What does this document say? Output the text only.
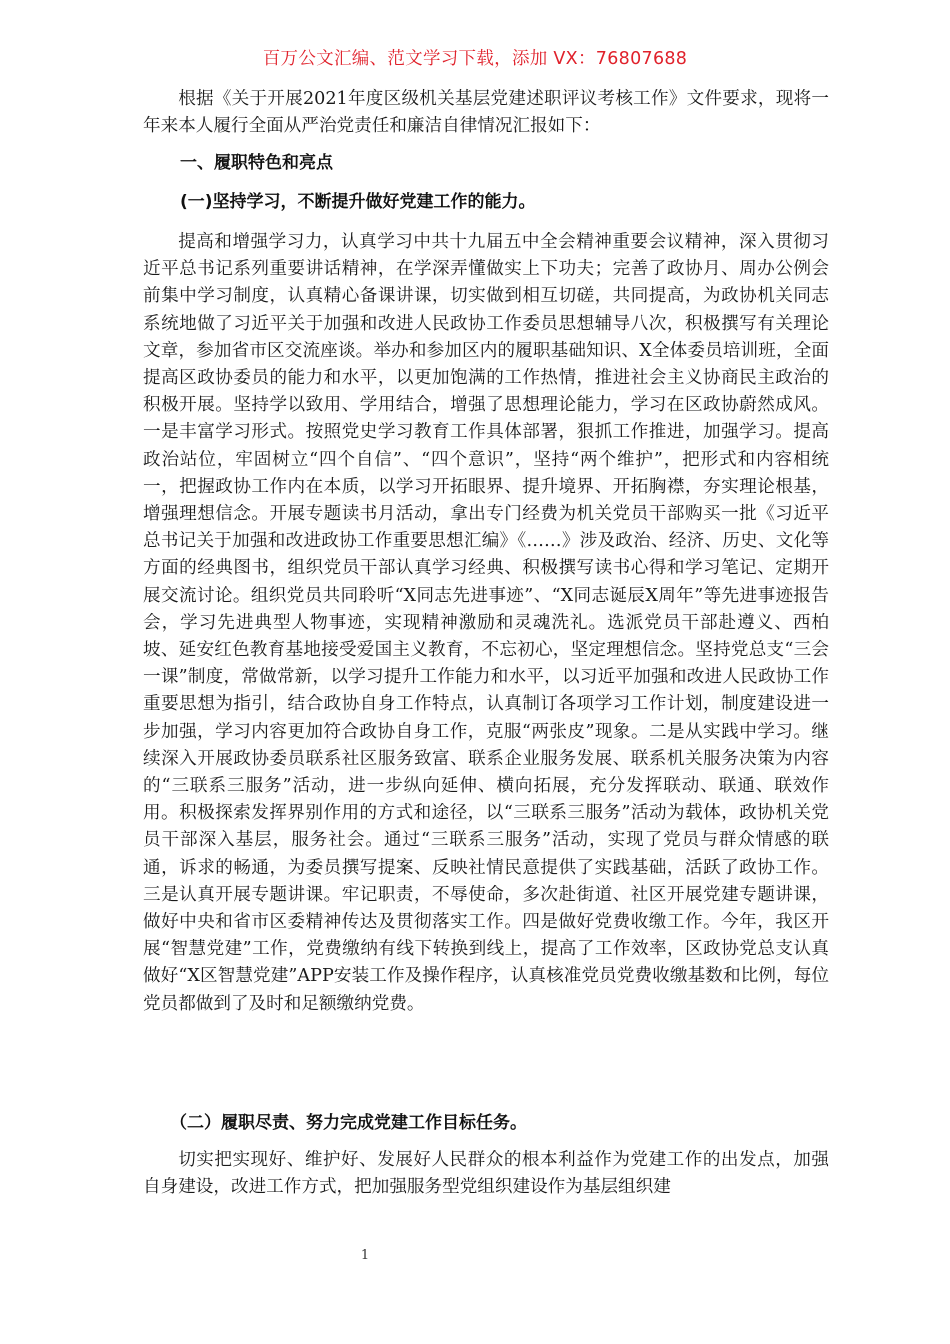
百万公文汇编、范文学习下载，添加 VX：76807688

根据《关于开展2021年度区级机关基层党建述职评议考核工作》文件要求，现将一年来本人履行全面从严治党责任和廉洁自律情况汇报如下：

一、履职特色和亮点
(一)坚持学习，不断提升做好党建工作的能力。

提高和增强学习力，认真学习中共十九届五中全会精神重要会议精神，深入贯彻习近平总书记系列重要讲话精神，在学深弄懂做实上下功夫；完善了政协月、周办公例会前集中学习制度，认真精心备课讲课，切实做到相互切磋，共同提高，为政协机关同志系统地做了习近平关于加强和改进人民政协工作委员思想辅导八次，积极撰写有关理论文章，参加省市区交流座谈。举办和参加区内的履职基础知识、X全体委员培训班，全面提高区政协委员的能力和水平，以更加饱满的工作热情，推进社会主义协商民主政治的积极开展。坚持学以致用、学用结合，增强了思想理论能力，学习在区政协蔚然成风。一是丰富学习形式。按照党史学习教育工作具体部署，狠抓工作推进，加强学习。提高政治站位，牢固树立“四个自信”、“四个意识”，坚持“两个维护”，把形式和内容相统一，把握政协工作内在本质，以学习开拓眼界、提升境界、开拓胸襟，夯实理论根基，增强理想信念。开展专题读书月活动，拿出专门经费为机关党员干部购买一批《习近平总书记关于加强和改进政协工作重要思想汇编》《……》涉及政治、经济、历史、文化等方面的经典图书，组织党员干部认真学习经典、积极撰写读书心得和学习笔记、定期开展交流讨论。组织党员共同聆听“X同志先进事迹”、“X同志诞辰X周年”等先进事迹报告会，学习先进典型人物事迹，实现精神激励和灵魂洗礼。选派党员干部赴遵义、西柏坡、延安红色教育基地接受爱国主义教育，不忘初心，坚定理想信念。坚持党总支“三会一课”制度，常做常新，以学习提升工作能力和水平，以习近平加强和改进人民政协工作重要思想为指引，结合政协自身工作特点，认真制订各项学习工作计划，制度建设进一步加强，学习内容更加符合政协自身工作，克服“两张皮”现象。二是从实践中学习。继续深入开展政协委员联系社区服务致富、联系企业服务发展、联系机关服务决策为内容的“三联系三服务”活动，进一步纵向延伸、横向拓展，充分发挥联动、联通、联效作用。积极探索发挥界别作用的方式和途径，以“三联系三服务”活动为载体，政协机关党员干部深入基层，服务社会。通过“三联系三服务”活动，实现了党员与群众情感的联通，诉求的畅通，为委员撰写提案、反映社情民意提供了实践基础，活跃了政协工作。三是认真开展专题讲课。牢记职责，不辱使命，多次赴街道、社区开展党建专题讲课，做好中央和省市区委精神传达及贯彻落实工作。四是做好党费收缴工作。今年，我区开展“智慧党建”工作，党费缴纳有线下转换到线上，提高了工作效率，区政协党总支认真做好“X区智慧党建”APP安装工作及操作程序，认真核准党员党费收缴基数和比例，每位党员都做到了及时和足额缴纳党费。

（二）履职尽责、努力完成党建工作目标任务。

切实把实现好、维护好、发展好人民群众的根本利益作为党建工作的出发点，加强自身建设，改进工作方式，把加强服务型党组织建设作为基层组织建

1
